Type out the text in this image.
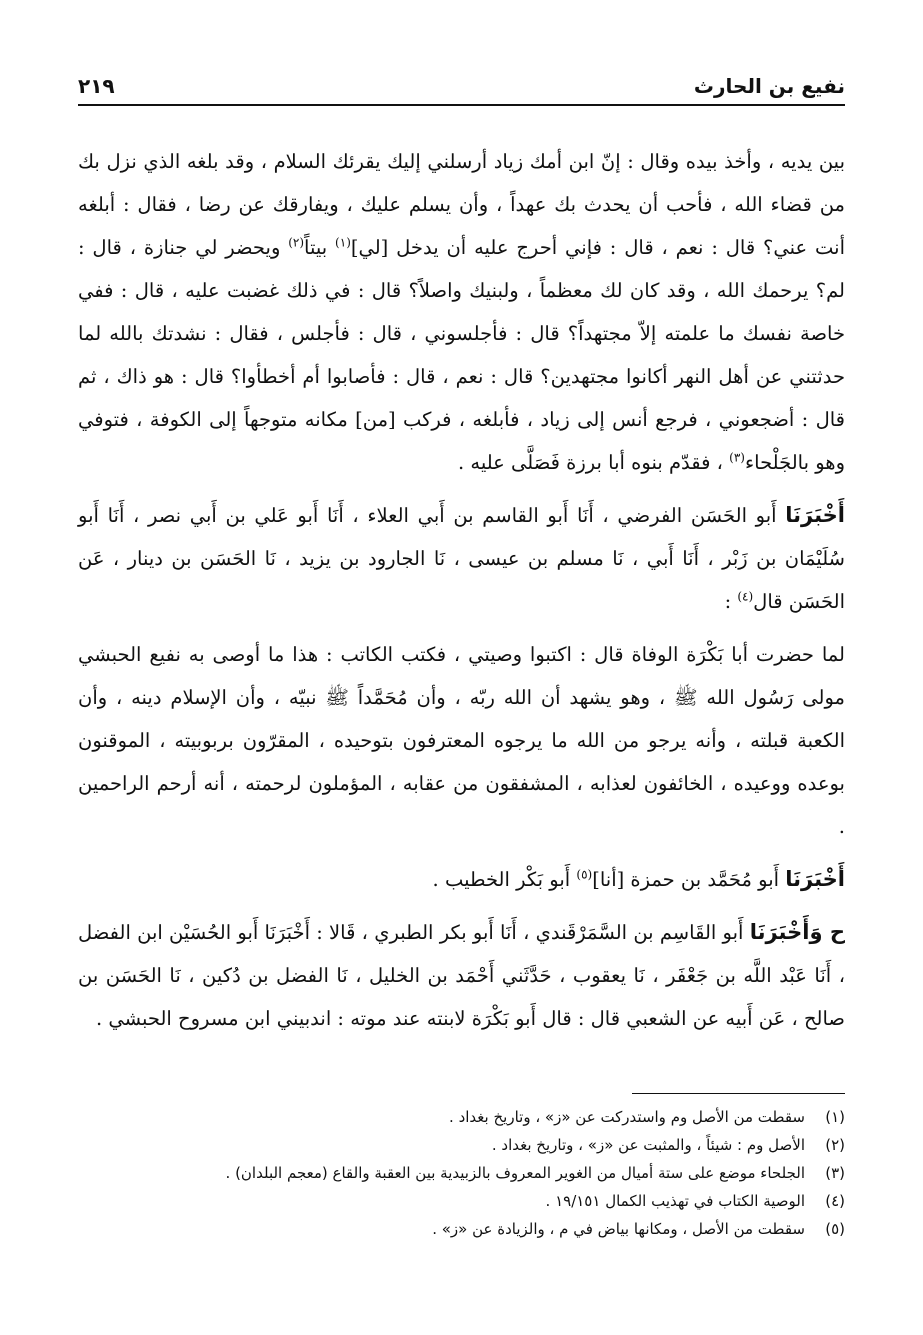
نفيع بن الحارث
٢١٩

بين يديه ، وأخذ بيده وقال : إنّ ابن أمك زياد أرسلني إليك يقرئك السلام ، وقد بلغه الذي نزل بك من قضاء الله ، فأحب أن يحدث بك عهداً ، وأن يسلم عليك ، ويفارقك عن رضا ، فقال : أبلغه أنت عني؟ قال : نعم ، قال : فإني أحرج عليه أن يدخل [لي]$^{(١)}$ بيتاً$^{(٢)}$ ويحضر لي جنازة ، قال : لم؟ يرحمك الله ، وقد كان لك معظماً ، ولبنيك واصلاً؟ قال : في ذلك غضبت عليه ، قال : ففي خاصة نفسك ما علمته إلاّ مجتهداً؟ قال : فأجلسوني ، قال : فأجلس ، فقال : نشدتك بالله لما حدثتني عن أهل النهر أكانوا مجتهدين؟ قال : نعم ، قال : فأصابوا أم أخطأوا؟ قال : هو ذاك ، ثم قال : أضجعوني ، فرجع أنس إلى زياد ، فأبلغه ، فركب [من] مكانه متوجهاً إلى الكوفة ، فتوفي وهو بالجَلْحاء$^{(٣)}$ ، فقدّم بنوه أبا برزة فَصَلَّى عليه .

أَخْبَرَنَا أَبو الحَسَن الفرضي ، أَنَا أَبو القاسم بن أَبي العلاء ، أَنَا أَبو عَلي بن أَبي نصر ، أَنَا أَبو سُلَيْمَان بن زَبْر ، أَنَا أَبي ، نَا مسلم بن عيسى ، نَا الجارود بن يزيد ، نَا الحَسَن بن دينار ، عَن الحَسَن قال$^{(٤)}$ :

لما حضرت أبا بَكْرَة الوفاة قال : اكتبوا وصيتي ، فكتب الكاتب : هذا ما أوصى به نفيع الحبشي مولى رَسُول الله ﷺ ، وهو يشهد أن الله ربّه ، وأن مُحَمَّداً ﷺ نبيّه ، وأن الإسلام دينه ، وأن الكعبة قبلته ، وأنه يرجو من الله ما يرجوه المعترفون بتوحيده ، المقرّون بربوبيته ، الموقنون بوعده ووعيده ، الخائفون لعذابه ، المشفقون من عقابه ، المؤملون لرحمته ، أنه أرحم الراحمين .

أَخْبَرَنَا أَبو مُحَمَّد بن حمزة [أنا]$^{(٥)}$ أَبو بَكْر الخطيب .

ح وَأَخْبَرَنَا أَبو القَاسِم بن السَّمَرْقَندي ، أَنَا أَبو بكر الطبري ، قَالا : أَخْبَرَنَا أَبو الحُسَيْن ابن الفضل ، أَنَا عَبْد اللَّه بن جَعْفَر ، نَا يعقوب ، حَدَّثَني أَحْمَد بن الخليل ، نَا الفضل بن دُكين ، نَا الحَسَن بن صالح ، عَن أَبيه عن الشعبي قال : قال أَبو بَكْرَة لابنته عند موته : اندبيني ابن مسروح الحبشي .

(١)
سقطت من الأصل وم واستدركت عن «ز» ، وتاريخ بغداد .
(٢)
الأصل وم : شيئاً ، والمثبت عن «ز» ، وتاريخ بغداد .
(٣)
الجلحاء موضع على ستة أميال من الغوير المعروف بالزبيدية بين العقبة والقاع (معجم البلدان) .
(٤)
الوصية الكتاب في تهذيب الكمال ١٩/١٥١ .
(٥)
سقطت من الأصل ، ومكانها بياض في م ، والزيادة عن «ز» .
